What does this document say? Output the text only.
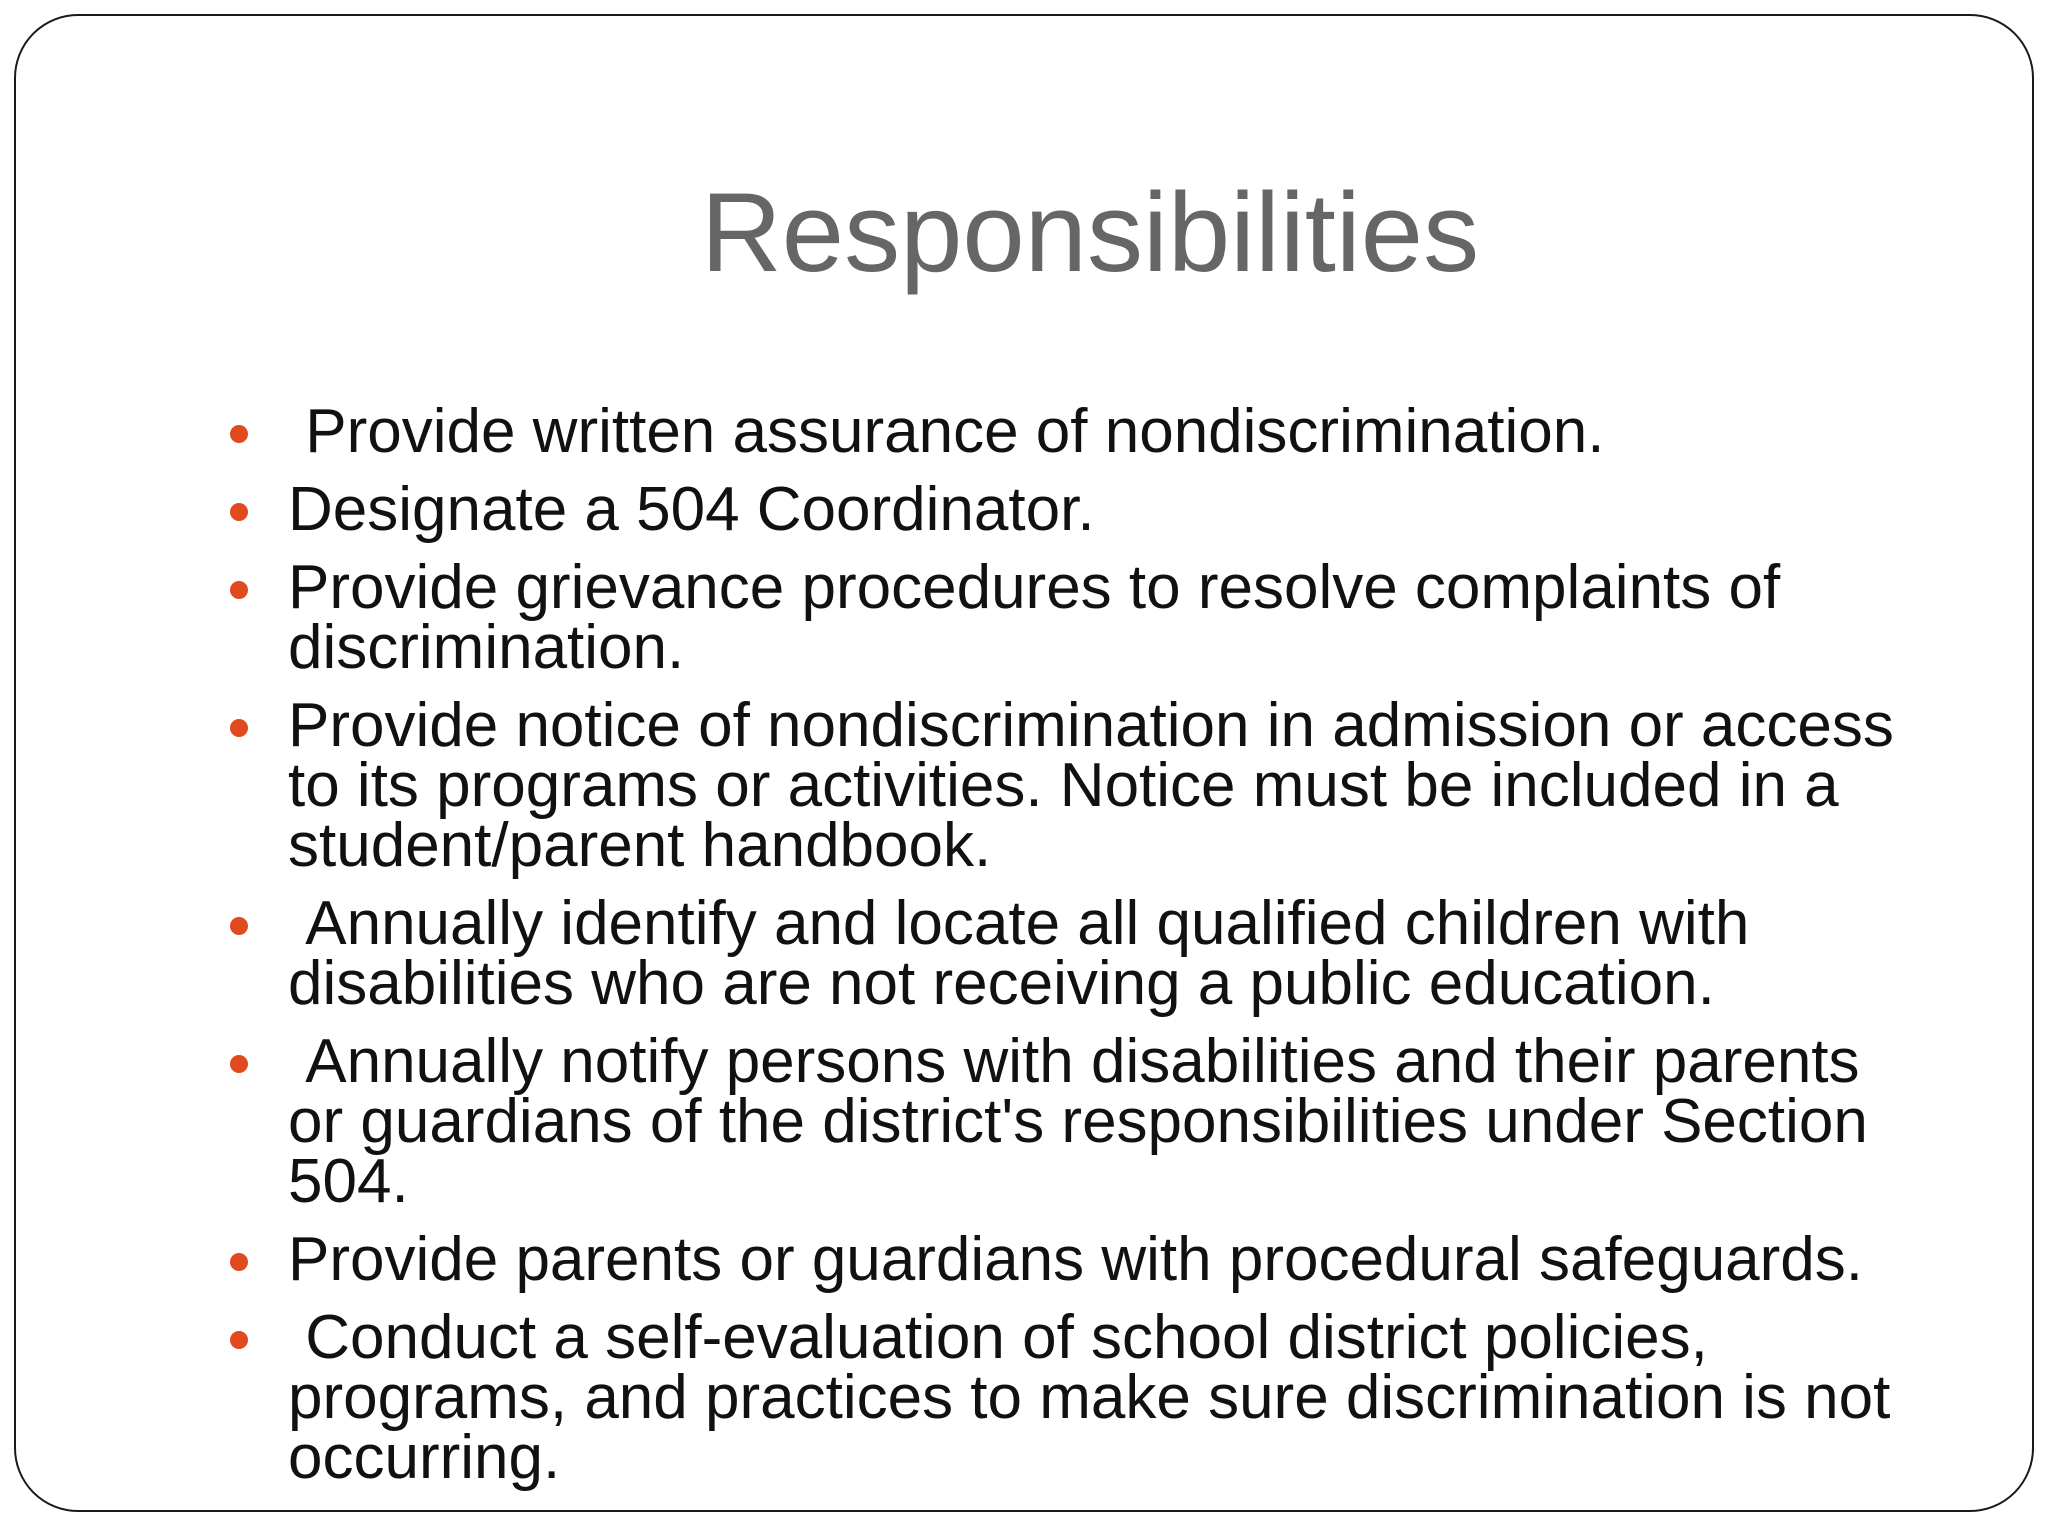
Responsibilities
Provide written assurance of nondiscrimination.
Designate a 504 Coordinator.
Provide grievance procedures to resolve complaints of discrimination.
Provide notice of nondiscrimination in admission or access to its programs or activities. Notice must be included in a student/parent handbook.
Annually identify and locate all qualified children with disabilities who are not receiving a public education.
Annually notify persons with disabilities and their parents or guardians of the district's responsibilities under Section 504.
Provide parents or guardians with procedural safeguards.
Conduct a self-evaluation of school district policies, programs, and practices to make sure discrimination is not occurring.
